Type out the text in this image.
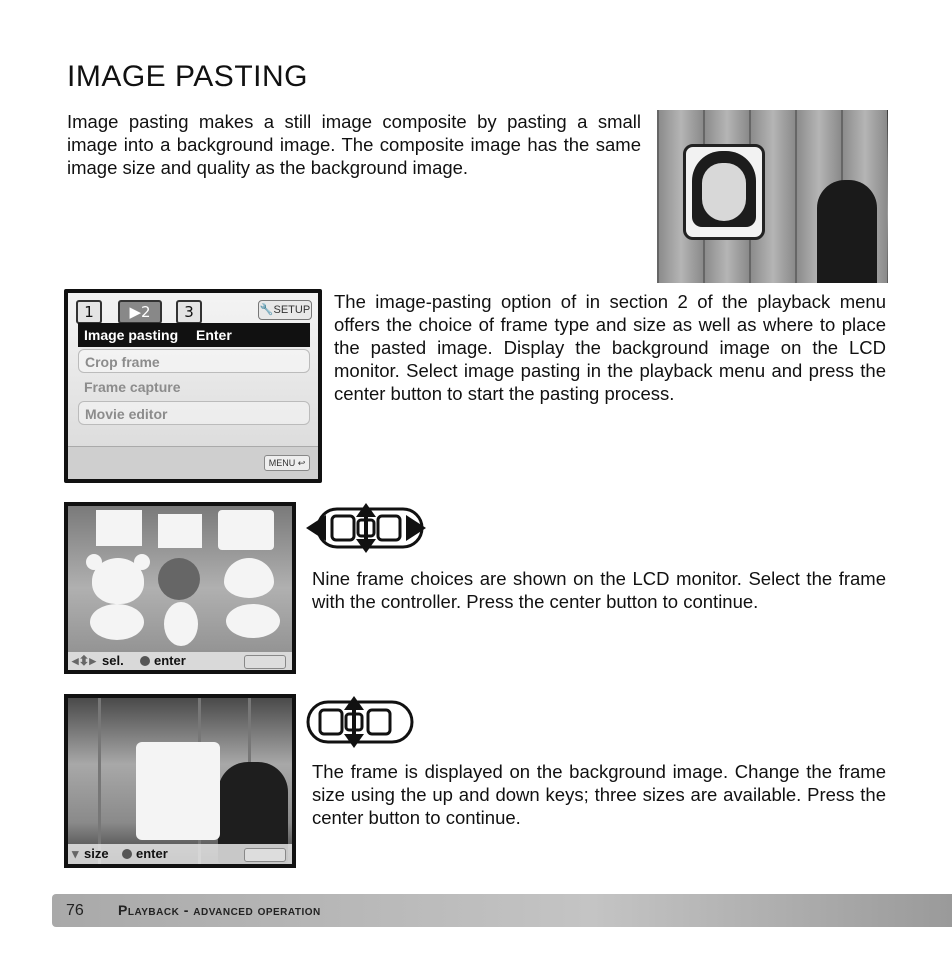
IMAGE PASTING

Image pasting makes a still image composite by pasting a small image into a background image. The composite image has the same image size and quality as the background image.

1	▶2	3	🔧SETUP
Image pasting Enter
Crop frame
Frame capture
Movie editor
MENU ↩

The image-pasting option of in section 2 of the playback menu offers the choice of frame type and size as well as where to place the pasted image. Display the background image on the LCD monitor. Select image pasting in the playback menu and press the center button to start the pasting process.

◂⬍▸ sel. enter

Nine frame choices are shown on the LCD monitor. Select the frame with the controller. Press the center button to continue.

▾ size enter

The frame is displayed on the background image. Change the frame size using the up and down keys; three sizes are available. Press the center button to continue.

76 Playback - advanced operation
